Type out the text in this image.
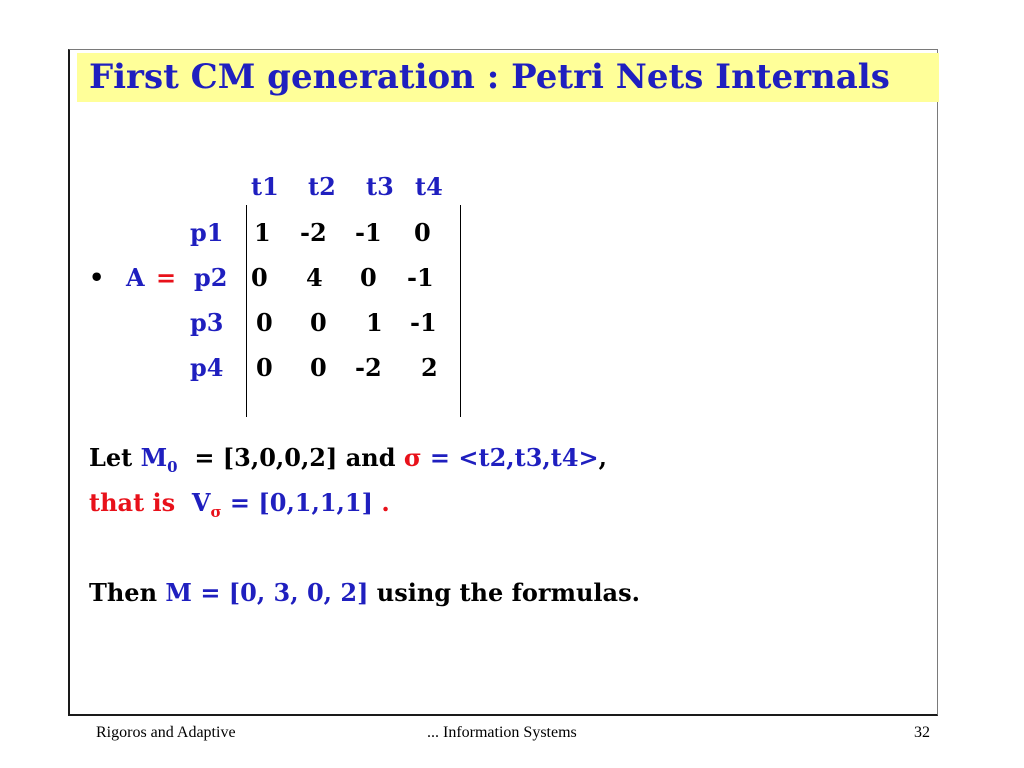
First CM generation : Petri Nets Internals
t1 t2 t3 t4
p1 1 -2 -1 0
• A = p2 0 4 0 -1
p3 0 0 1 -1
p4 0 0 -2 2
Let $M_0 = [3,0,0,2]$ and σ = <t2,t3,t4>,
that is  $V_\sigma = [0,1,1,1]$ .
Then M = [0, 3, 0, 2] using the formulas.
Rigoros and Adaptive	... Information Systems	32
